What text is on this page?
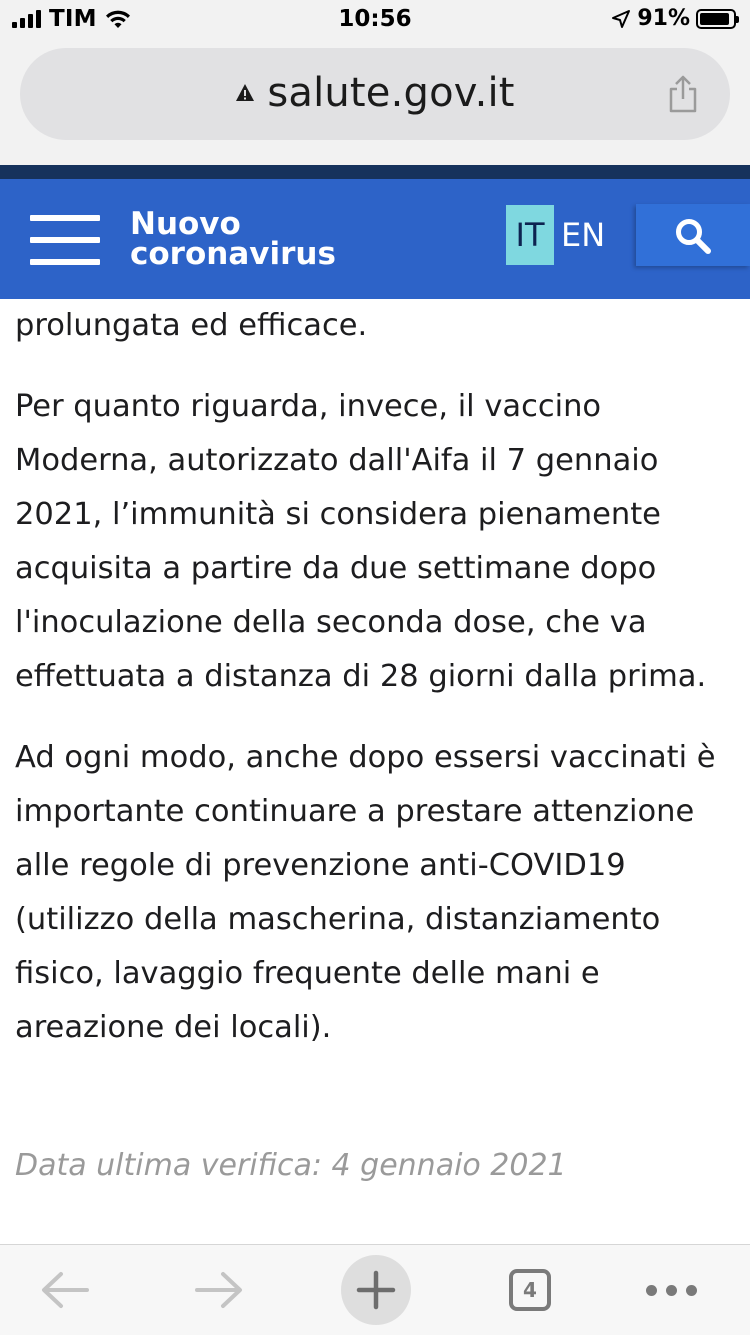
TIM	10:56	91%
salute.gov.it
Nuovo
coronavirus	IT EN

prolungata ed efficace.

Per quanto riguarda, invece, il vaccino Moderna, autorizzato dall'Aifa il 7 gennaio 2021, l’immunità si considera pienamente acquisita a partire da due settimane dopo l'inoculazione della seconda dose, che va effettuata a distanza di 28 giorni dalla prima.

Ad ogni modo, anche dopo essersi vaccinati è importante continuare a prestare attenzione alle regole di prevenzione anti-COVID19 (utilizzo della mascherina, distanziamento fisico, lavaggio frequente delle mani e areazione dei locali).

Data ultima verifica: 4 gennaio 2021
4
